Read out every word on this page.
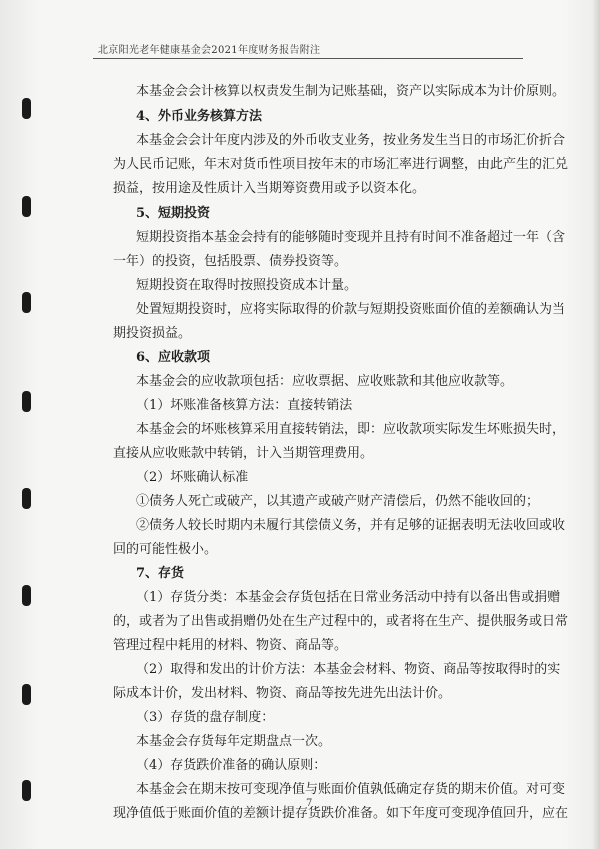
北京阳光老年健康基金会2021年度财务报告附注
本基金会会计核算以权责发生制为记账基础，资产以实际成本为计价原则。
4、外币业务核算方法
本基金会会计年度内涉及的外币收支业务，按业务发生当日的市场汇价折合
为人民币记账，年末对货币性项目按年末的市场汇率进行调整，由此产生的汇兑
损益，按用途及性质计入当期筹资费用或予以资本化。
5、短期投资
短期投资指本基金会持有的能够随时变现并且持有时间不准备超过一年（含
一年）的投资，包括股票、债券投资等。
短期投资在取得时按照投资成本计量。
处置短期投资时，应将实际取得的价款与短期投资账面价值的差额确认为当
期投资损益。
6、应收款项
本基金会的应收款项包括：应收票据、应收账款和其他应收款等。
（1）坏账准备核算方法：直接转销法
本基金会的坏账核算采用直接转销法，即：应收款项实际发生坏账损失时，
直接从应收账款中转销，计入当期管理费用。
（2）坏账确认标准
①债务人死亡或破产，以其遗产或破产财产清偿后，仍然不能收回的；
②债务人较长时期内未履行其偿债义务，并有足够的证据表明无法收回或收
回的可能性极小。
7、存货
（1）存货分类：本基金会存货包括在日常业务活动中持有以备出售或捐赠
的，或者为了出售或捐赠仍处在生产过程中的，或者将在生产、提供服务或日常
管理过程中耗用的材料、物资、商品等。
（2）取得和发出的计价方法：本基金会材料、物资、商品等按取得时的实
际成本计价，发出材料、物资、商品等按先进先出法计价。
（3）存货的盘存制度：
本基金会存货每年定期盘点一次。
（4）存货跌价准备的确认原则：
本基金会在期末按可变现净值与账面价值孰低确定存货的期末价值。对可变
现净值低于账面价值的差额计提存货跌价准备。如下年度可变现净值回升，应在
7
